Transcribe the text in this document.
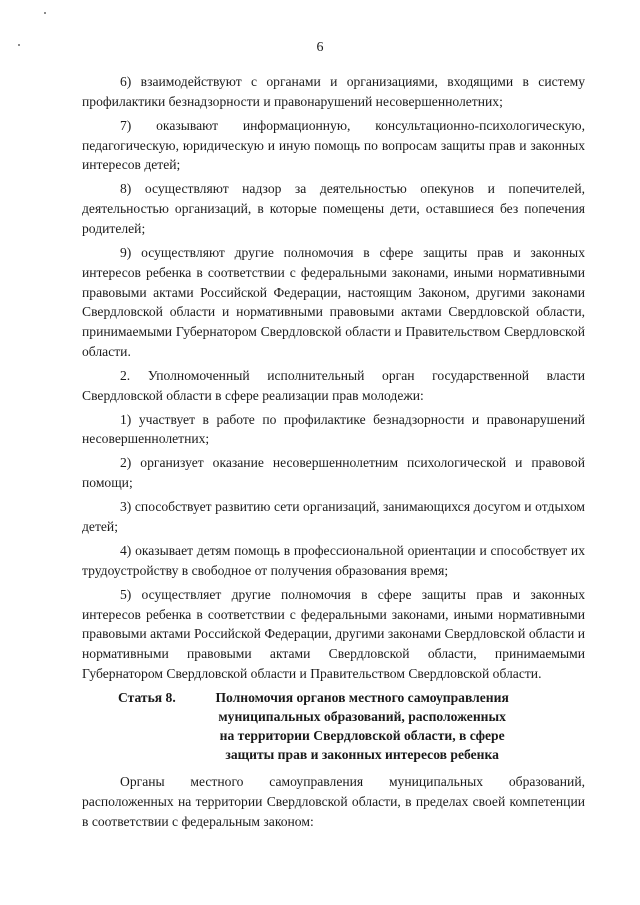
6

6) взаимодействуют с органами и организациями, входящими в систему профилактики безнадзорности и правонарушений несовершеннолетних;

7) оказывают информационную, консультационно-психологическую, педагогическую, юридическую и иную помощь по вопросам защиты прав и законных интересов детей;

8) осуществляют надзор за деятельностью опекунов и попечителей, деятельностью организаций, в которые помещены дети, оставшиеся без попечения родителей;

9) осуществляют другие полномочия в сфере защиты прав и законных интересов ребенка в соответствии с федеральными законами, иными нормативными правовыми актами Российской Федерации, настоящим Законом, другими законами Свердловской области и нормативными правовыми актами Свердловской области, принимаемыми Губернатором Свердловской области и Правительством Свердловской области.

2. Уполномоченный исполнительный орган государственной власти Свердловской области в сфере реализации прав молодежи:

1) участвует в работе по профилактике безнадзорности и правонарушений несовершеннолетних;

2) организует оказание несовершеннолетним психологической и правовой помощи;

3) способствует развитию сети организаций, занимающихся досугом и отдыхом детей;

4) оказывает детям помощь в профессиональной ориентации и способствует их трудоустройству в свободное от получения образования время;

5) осуществляет другие полномочия в сфере защиты прав и законных интересов ребенка в соответствии с федеральными законами, иными нормативными правовыми актами Российской Федерации, другими законами Свердловской области и нормативными правовыми актами Свердловской области, принимаемыми Губернатором Свердловской области и Правительством Свердловской области.

Статья 8.	Полномочия органов местного самоуправления
муниципальных образований, расположенных
на территории Свердловской области, в сфере
защиты прав и законных интересов ребенка

Органы местного самоуправления муниципальных образований, расположенных на территории Свердловской области, в пределах своей компетенции в соответствии с федеральным законом:
